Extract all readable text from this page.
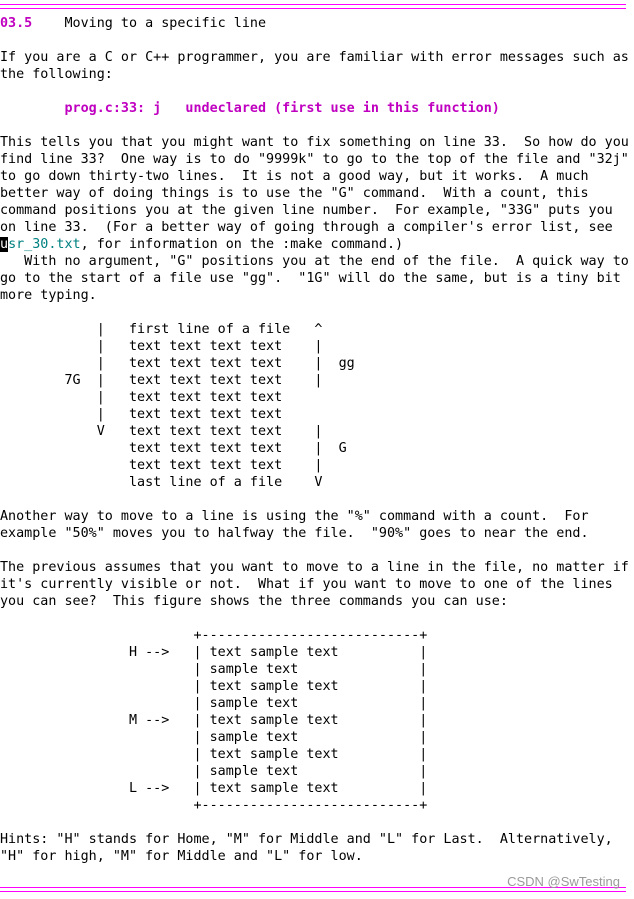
03.5 Moving to a specific line
If you are a C or C++ programmer, you are familiar with error messages such as
the following:
prog.c:33: j   undeclared (first use in this function)
This tells you that you might want to fix something on line 33.  So how do you
find line 33?  One way is to do "9999k" to go to the top of the file and "32j"
to go down thirty-two lines.  It is not a good way, but it works.  A much
better way of doing things is to use the "G" command.  With a count, this
command positions you at the given line number.  For example, "33G" puts you
on line 33.  (For a better way of going through a compiler's error list, see
usr_30.txt, for information on the :make command.)
With no argument, "G" positions you at the end of the file.  A quick way to
go to the start of a file use "gg".  "1G" will do the same, but is a tiny bit
more typing.
|   first line of a file   ^
|   text text text text    |
|   text text text text    |  gg
7G  |   text text text text    |
|   text text text text
|   text text text text
V   text text text text    |
text text text text    |  G
text text text text    |
last line of a file    V
Another way to move to a line is using the "%" command with a count.  For
example "50%" moves you to halfway the file.  "90%" goes to near the end.
The previous assumes that you want to move to a line in the file, no matter if
it's currently visible or not.  What if you want to move to one of the lines
you can see?  This figure shows the three commands you can use:
+---------------------------+
H -->   | text sample text          |
| sample text               |
| text sample text          |
| sample text               |
M -->   | text sample text          |
| sample text               |
| text sample text          |
| sample text               |
L -->   | text sample text          |
+---------------------------+
Hints: "H" stands for Home, "M" for Middle and "L" for Last.  Alternatively,
"H" for high, "M" for Middle and "L" for low.
CSDN @SwTesting
